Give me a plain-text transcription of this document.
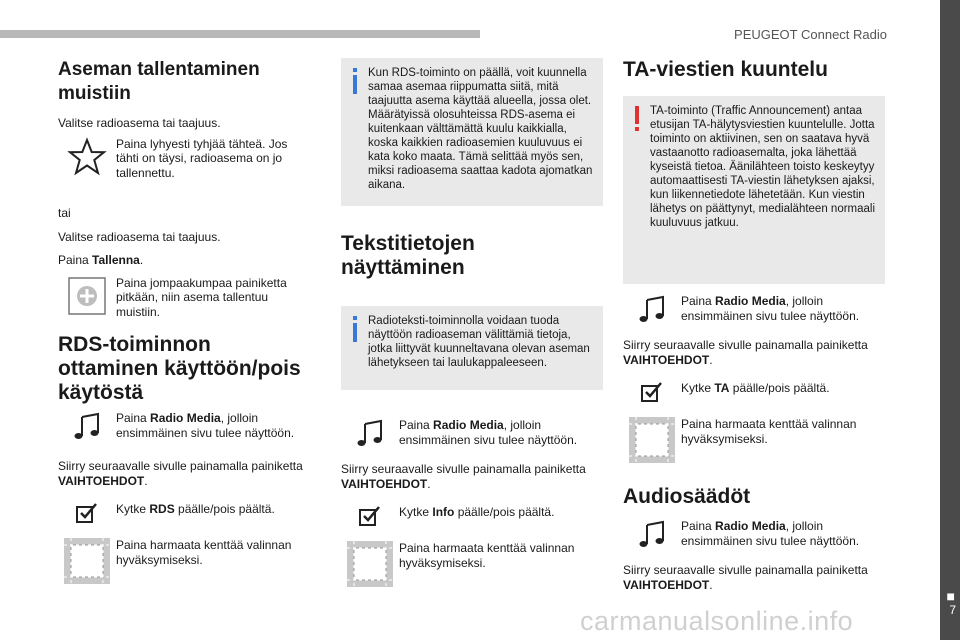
PEUGEOT Connect Radio
■
7
Aseman tallentaminen muistiin

Valitse radioasema tai taajuus.

Paina lyhyesti tyhjää tähteä. Jos tähti on täysi, radioasema on jo tallennettu.

tai

Valitse radioasema tai taajuus.

Paina Tallenna.

Paina jompaakumpaa painiketta pitkään, niin asema tallentuu muistiin.

RDS-toiminnon ottaminen käyttöön/pois käytöstä

Paina Radio Media, jolloin ensimmäinen sivu tulee näyttöön.

Siirry seuraavalle sivulle painamalla painiketta VAIHTOEHDOT.

Kytke RDS päälle/pois päältä.

Paina harmaata kenttää valinnan hyväksymiseksi.

Kun RDS-toiminto on päällä, voit kuunnella samaa asemaa riippumatta siitä, mitä taajuutta asema käyttää alueella, jossa olet. Määrätyissä olosuhteissa RDS-asema ei kuitenkaan välttämättä kuulu kaikkialla, koska kaikkien radioasemien kuuluvuus ei kata koko maata. Tämä selittää myös sen, miksi radioasema saattaa kadota ajomatkan aikana.
Tekstitietojen näyttäminen
Radioteksti-toiminnolla voidaan tuoda näyttöön radioaseman välittämiä tietoja, jotka liittyvät kuunneltavana olevan aseman lähetykseen tai laulukappaleeseen.

Paina Radio Media, jolloin ensimmäinen sivu tulee näyttöön.

Siirry seuraavalle sivulle painamalla painiketta VAIHTOEHDOT.

Kytke Info päälle/pois päältä.

Paina harmaata kenttää valinnan hyväksymiseksi.

TA-viestien kuuntelu
TA-toiminto (Traffic Announcement) antaa etusijan TA-hälytysviestien kuuntelulle. Jotta toiminto on aktiivinen, sen on saatava hyvä vastaanotto radioasemalta, joka lähettää kyseistä tietoa. Äänilähteen toisto keskeytyy automaattisesti TA-viestin lähetyksen ajaksi, kun liikennetiedote lähetetään. Kun viestin lähetys on päättynyt, medialähteen normaali kuuluvuus jatkuu.

Paina Radio Media, jolloin ensimmäinen sivu tulee näyttöön.

Siirry seuraavalle sivulle painamalla painiketta VAIHTOEHDOT.

Kytke TA päälle/pois päältä.

Paina harmaata kenttää valinnan hyväksymiseksi.

Audiosäädöt

Paina Radio Media, jolloin ensimmäinen sivu tulee näyttöön.

Siirry seuraavalle sivulle painamalla painiketta VAIHTOEHDOT.

carmanualsonline.info
